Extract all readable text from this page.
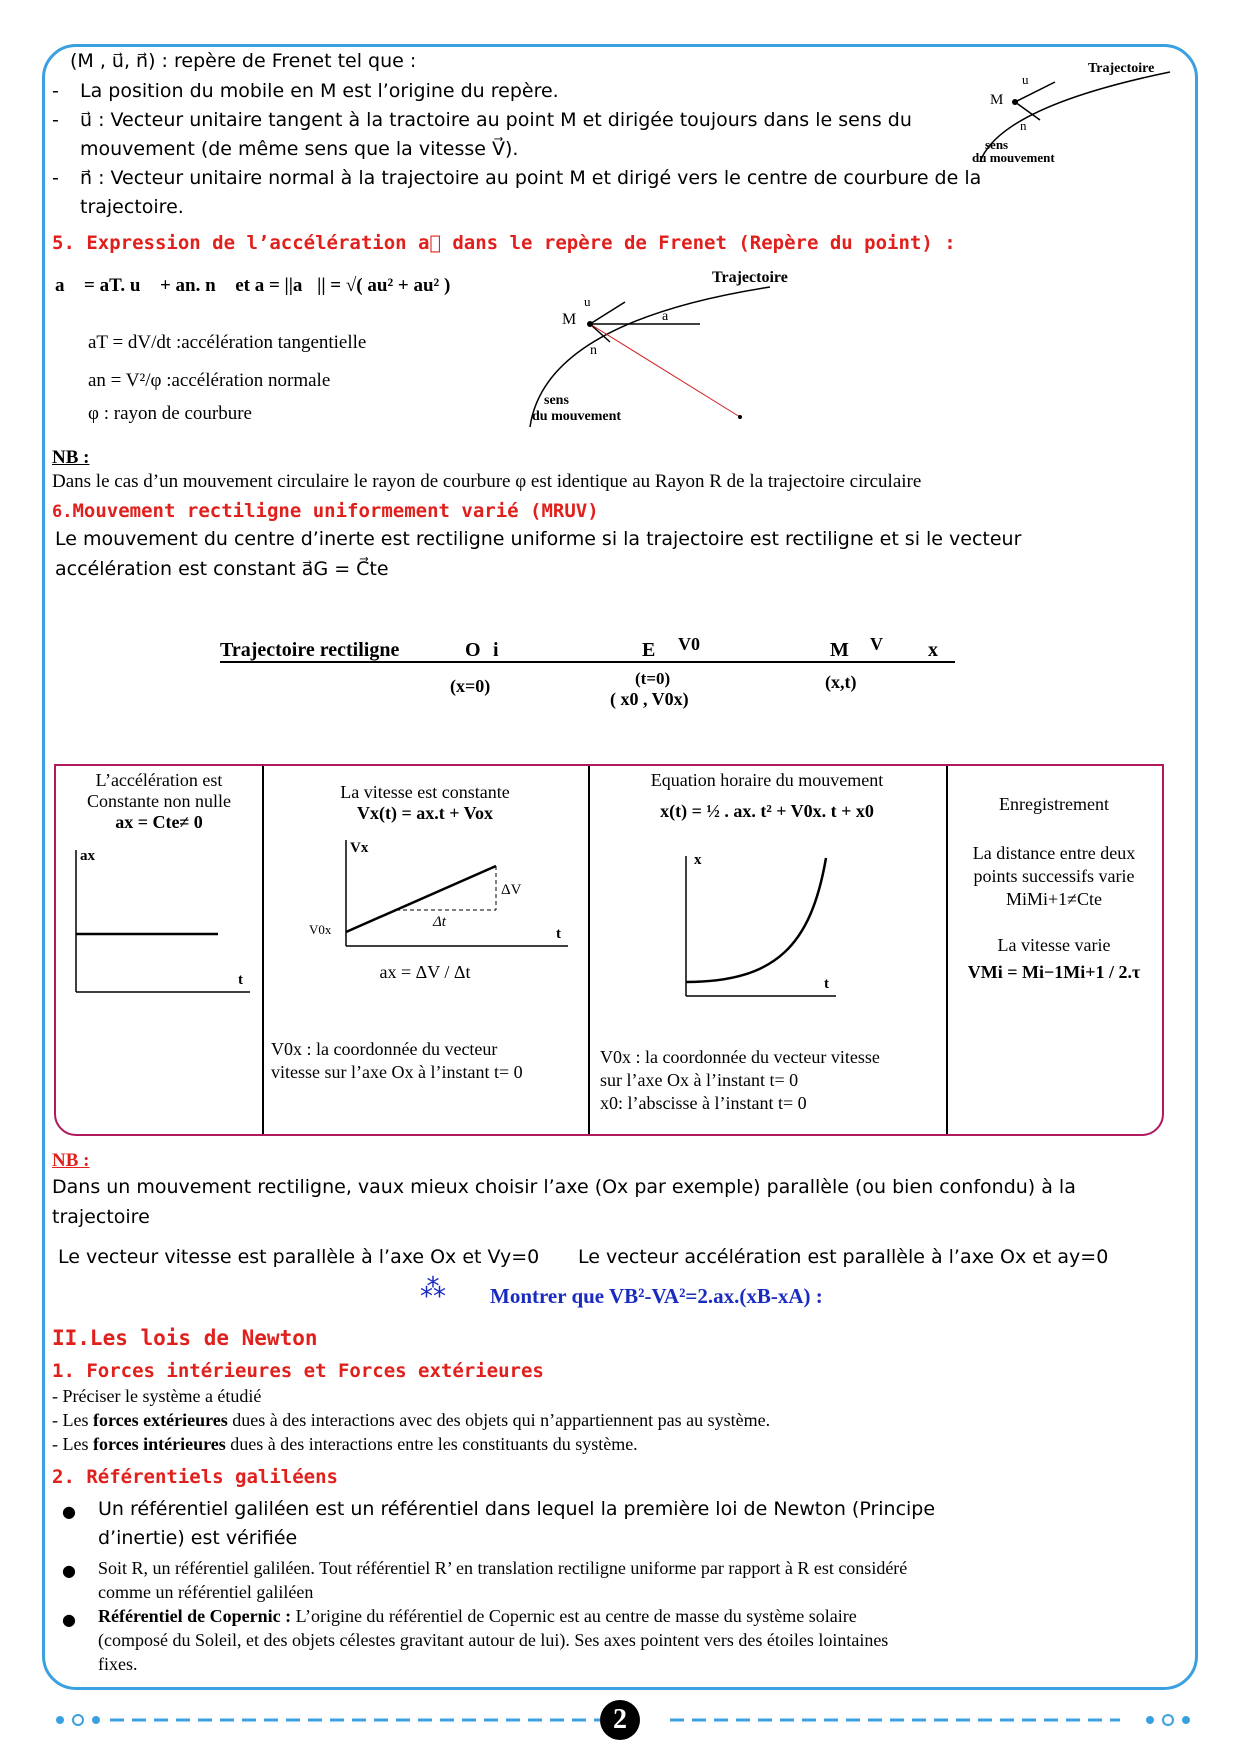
(M , u⃗, n⃗) : repère de Frenet tel que :
- La position du mobile en M est l’origine du repère.
- u⃗ : Vecteur unitaire tangent à la tractoire au point M et dirigée toujours dans le sens du
mouvement (de même sens que la vitesse V⃗).
- n⃗ : Vecteur unitaire normal à la trajectoire au point M et dirigé vers le centre de courbure de la
trajectoire.
Trajectoire
M
u
n
sens
du mouvement
5. Expression de l’accélération a⃗ dans le repère de Frenet (Repère du point) :
a⃗ = aT. u⃗ + an. n⃗ et a = ||a⃗|| = √( au² + au² )
aT = dV/dt :accélération tangentielle
an = V²/φ :accélération normale
φ : rayon de courbure
Trajectoire
M
u
n
a
sens
du mouvement
NB :
Dans le cas d’un mouvement circulaire le rayon de courbure φ est identique au Rayon R de la trajectoire circulaire
6.Mouvement rectiligne uniformement varié (MRUV)
Le mouvement du centre d’inerte est rectiligne uniforme si la trajectoire est rectiligne et si le vecteur
accélération est constant a⃗G = C⃗te
Trajectoire rectiligne	O i
(x=0)
E V0
(t=0)
( x0 , V0x)
M V
(x,t)
x
L’accélération est
Constante non nulle
ax = Cte≠ 0
ax
t
La vitesse est constante
Vx(t) = ax.t + Vox
Vx
t
ΔV
Δt
V0x
ax = ΔV / Δt
V0x : la coordonnée du vecteur
vitesse sur l’axe Ox à l’instant t= 0
Equation horaire du mouvement
x(t) = ½ . ax. t² + V0x. t + x0
x
t
V0x : la coordonnée du vecteur vitesse
sur l’axe Ox à l’instant t= 0
x0: l’abscisse à l’instant t= 0
Enregistrement
La distance entre deux
points successifs varie
MiMi+1≠Cte
La vitesse varie
VMi = Mi−1Mi+1 / 2.τ
NB :
Dans un mouvement rectiligne, vaux mieux choisir l’axe (Ox par exemple) parallèle (ou bien confondu) à la
trajectoire
Le vecteur vitesse est parallèle à l’axe Ox et Vy=0 Le vecteur accélération est parallèle à l’axe Ox et ay=0
⁂ Montrer que VB²-VA²=2.ax.(xB-xA) :
II.Les lois de Newton
1. Forces intérieures et Forces extérieures
- Préciser le système a étudié
- Les forces extérieures dues à des interactions avec des objets qui n’appartiennent pas au système.
- Les forces intérieures dues à des interactions entre les constituants du système.
2. Référentiels galiléens
● Un référentiel galiléen est un référentiel dans lequel la première loi de Newton (Principe
d’inertie) est vérifiée
● Soit R, un référentiel galiléen. Tout référentiel R’ en translation rectiligne uniforme par rapport à R est considéré
comme un référentiel galiléen
● Référentiel de Copernic : L’origine du référentiel de Copernic est au centre de masse du système solaire
(composé du Soleil, et des objets célestes gravitant autour de lui). Ses axes pointent vers des étoiles lointaines
fixes.
2
